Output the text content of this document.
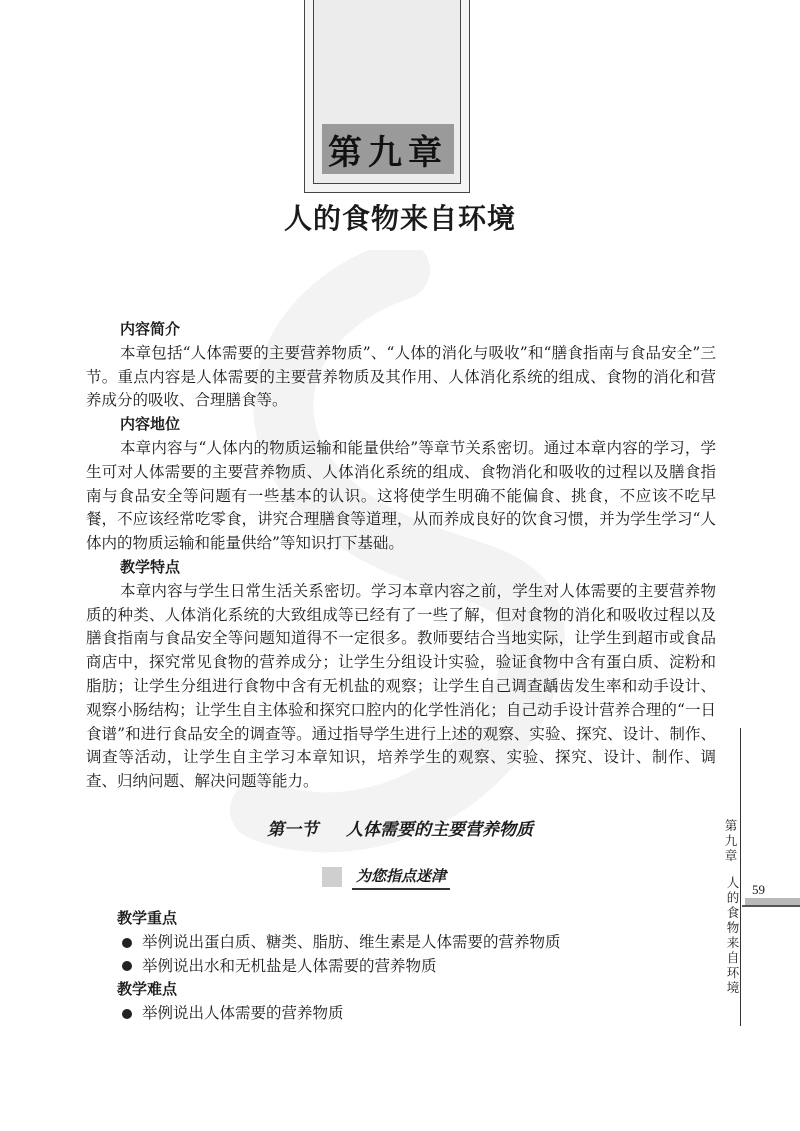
第九章
人的食物来自环境
内容简介

本章包括“人体需要的主要营养物质”、“人体的消化与吸收”和“膳食指南与食品安全”三节。重点内容是人体需要的主要营养物质及其作用、人体消化系统的组成、食物的消化和营养成分的吸收、合理膳食等。

内容地位

本章内容与“人体内的物质运输和能量供给”等章节关系密切。通过本章内容的学习，学生可对人体需要的主要营养物质、人体消化系统的组成、食物消化和吸收的过程以及膳食指南与食品安全等问题有一些基本的认识。这将使学生明确不能偏食、挑食，不应该不吃早餐，不应该经常吃零食，讲究合理膳食等道理，从而养成良好的饮食习惯，并为学生学习“人体内的物质运输和能量供给”等知识打下基础。

教学特点

本章内容与学生日常生活关系密切。学习本章内容之前，学生对人体需要的主要营养物质的种类、人体消化系统的大致组成等已经有了一些了解，但对食物的消化和吸收过程以及膳食指南与食品安全等问题知道得不一定很多。教师要结合当地实际，让学生到超市或食品商店中，探究常见食物的营养成分；让学生分组设计实验，验证食物中含有蛋白质、淀粉和脂肪；让学生分组进行食物中含有无机盐的观察；让学生自己调查龋齿发生率和动手设计、观察小肠结构；让学生自主体验和探究口腔内的化学性消化；自己动手设计营养合理的“一日食谱”和进行食品安全的调查等。通过指导学生进行上述的观察、实验、探究、设计、制作、调查等活动，让学生自主学习本章知识，培养学生的观察、实验、探究、设计、制作、调查、归纳问题、解决问题等能力。

第一节 人体需要的主要营养物质
为您指点迷津
教学重点
举例说出蛋白质、糖类、脂肪、维生素是人体需要的营养物质
举例说出水和无机盐是人体需要的营养物质
教学难点
举例说出人体需要的营养物质
第九章
人的食物来自环境
59
